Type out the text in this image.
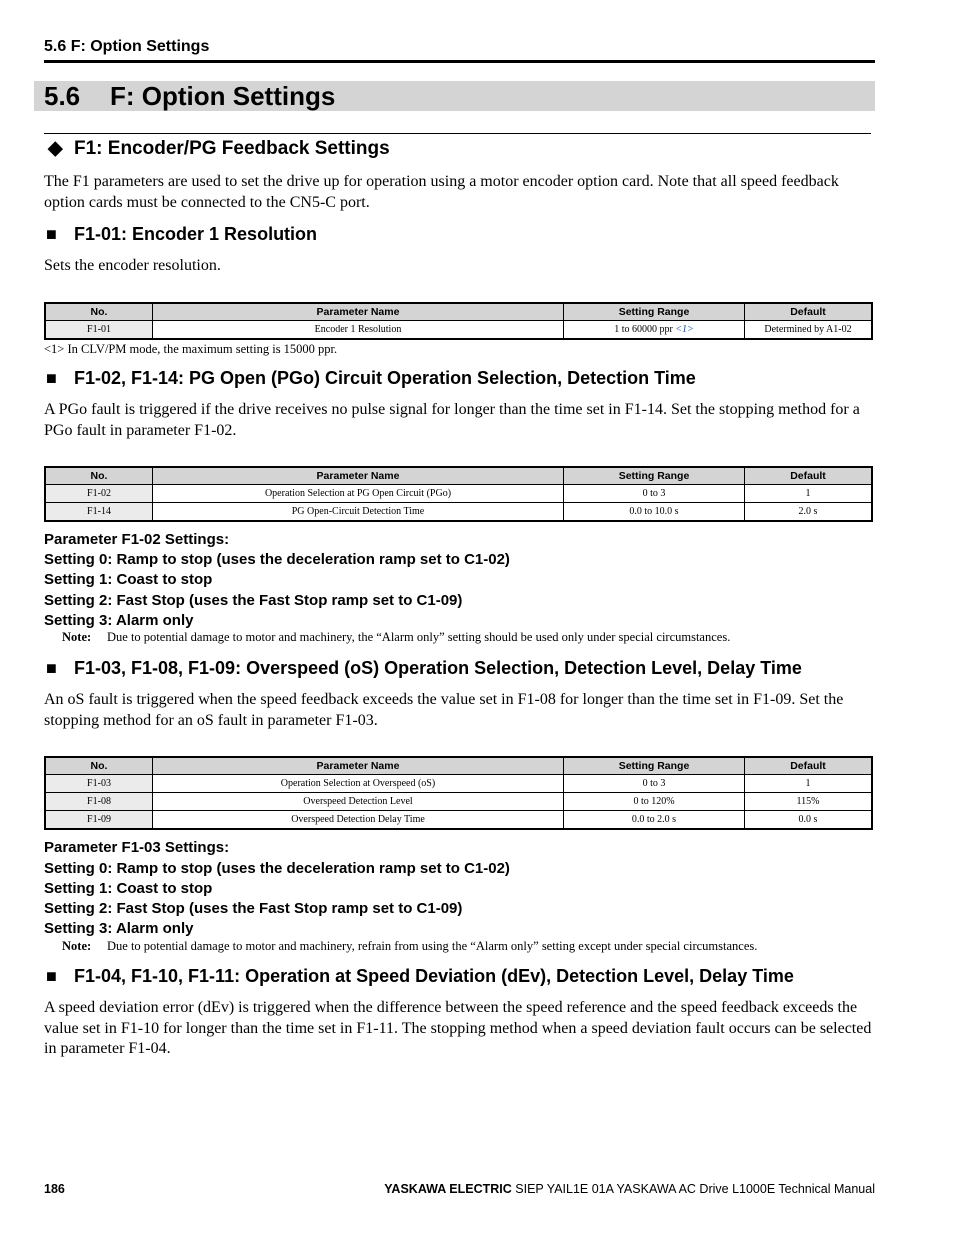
5.6 F: Option Settings
5.6 F: Option Settings
◆ F1: Encoder/PG Feedback Settings
The F1 parameters are used to set the drive up for operation using a motor encoder option card. Note that all speed feedback option cards must be connected to the CN5-C port.
■ F1-01: Encoder 1 Resolution
Sets the encoder resolution.
No.	Parameter Name	Setting Range	Default
F1-01	Encoder 1 Resolution	1 to 60000 ppr <1>	Determined by A1-02
<1> In CLV/PM mode, the maximum setting is 15000 ppr.
■ F1-02, F1-14: PG Open (PGo) Circuit Operation Selection, Detection Time
A PGo fault is triggered if the drive receives no pulse signal for longer than the time set in F1-14. Set the stopping method for a PGo fault in parameter F1-02.
No.	Parameter Name	Setting Range	Default
F1-02	Operation Selection at PG Open Circuit (PGo)	0 to 3	1
F1-14	PG Open-Circuit Detection Time	0.0 to 10.0 s	2.0 s
Parameter F1-02 Settings:
Setting 0: Ramp to stop (uses the deceleration ramp set to C1-02)
Setting 1: Coast to stop
Setting 2: Fast Stop (uses the Fast Stop ramp set to C1-09)
Setting 3: Alarm only
Note: Due to potential damage to motor and machinery, the “Alarm only” setting should be used only under special circumstances.
■ F1-03, F1-08, F1-09: Overspeed (oS) Operation Selection, Detection Level, Delay Time
An oS fault is triggered when the speed feedback exceeds the value set in F1-08 for longer than the time set in F1-09. Set the stopping method for an oS fault in parameter F1-03.
No.	Parameter Name	Setting Range	Default
F1-03	Operation Selection at Overspeed (oS)	0 to 3	1
F1-08	Overspeed Detection Level	0 to 120%	115%
F1-09	Overspeed Detection Delay Time	0.0 to 2.0 s	0.0 s
Parameter F1-03 Settings:
Setting 0: Ramp to stop (uses the deceleration ramp set to C1-02)
Setting 1: Coast to stop
Setting 2: Fast Stop (uses the Fast Stop ramp set to C1-09)
Setting 3: Alarm only
Note: Due to potential damage to motor and machinery, refrain from using the “Alarm only” setting except under special circumstances.
■ F1-04, F1-10, F1-11: Operation at Speed Deviation (dEv), Detection Level, Delay Time
A speed deviation error (dEv) is triggered when the difference between the speed reference and the speed feedback exceeds the value set in F1-10 for longer than the time set in F1-11. The stopping method when a speed deviation fault occurs can be selected in parameter F1-04.
186	YASKAWA ELECTRIC SIEP YAIL1E 01A YASKAWA AC Drive L1000E Technical Manual
